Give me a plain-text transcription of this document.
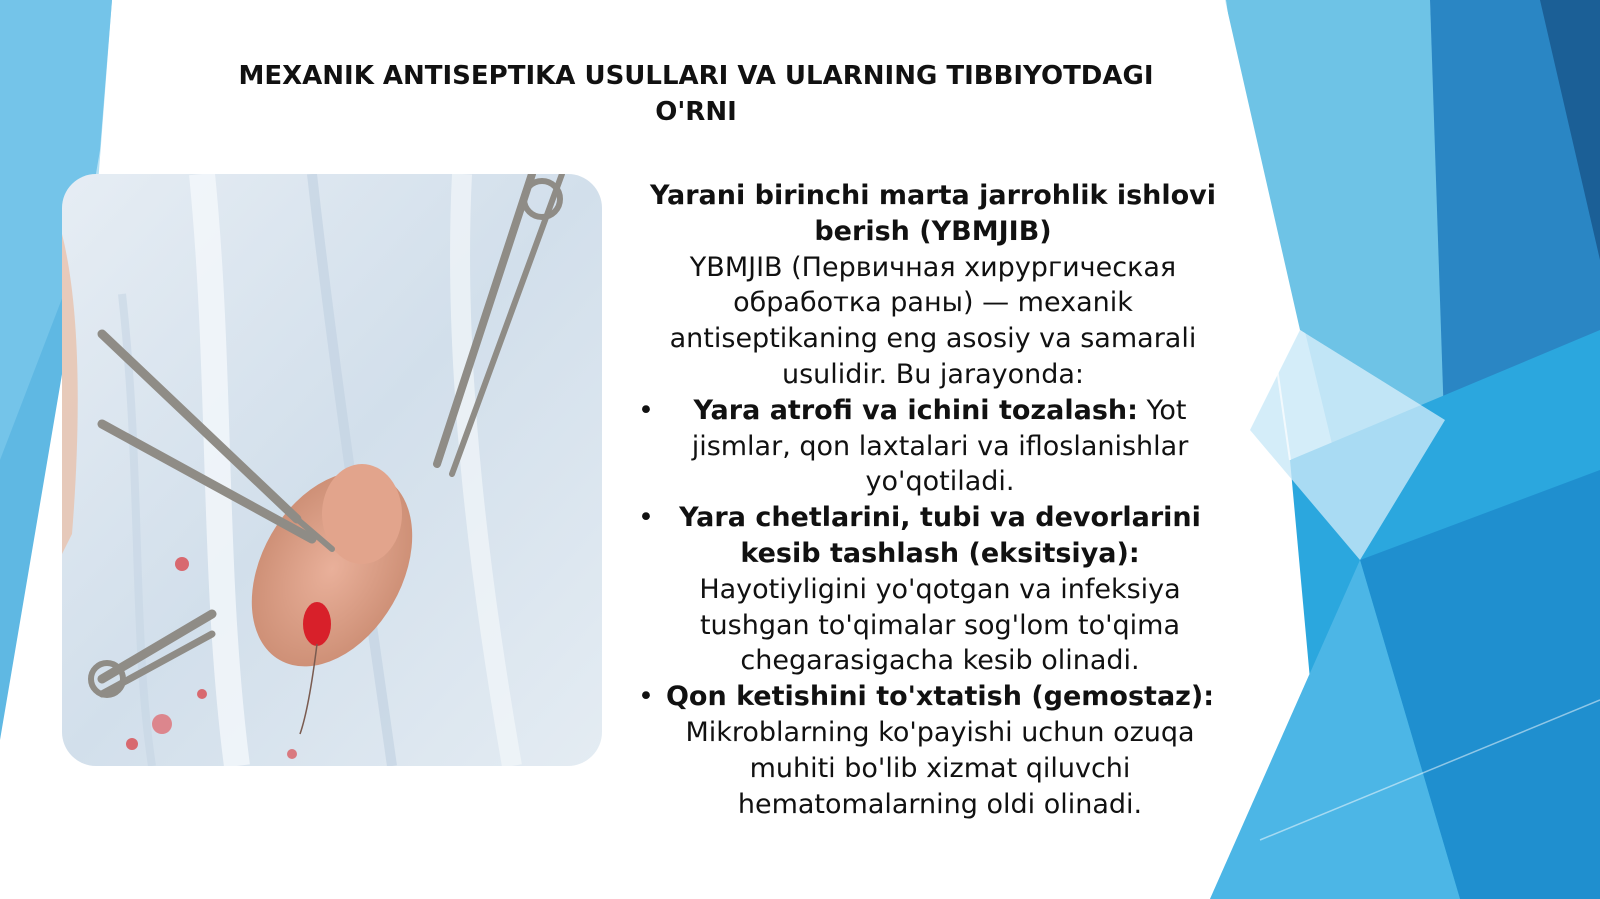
MEXANIK ANTISEPTIKA USULLARI VA ULARNING TIBBIYOTDAGI O'RNI
Yarani birinchi marta jarrohlik ishlovi berish (YBMJIB)
YBMJIB (Первичная хирургическая обработка раны) — mexanik antiseptikaning eng asosiy va samarali usulidir. Bu jarayonda:
• Yara atrofi va ichini tozalash: Yot jismlar, qon laxtalari va ifloslanishlar yo'qotiladi.
• Yara chetlarini, tubi va devorlarini kesib tashlash (eksitsiya): Hayotiyligini yo'qotgan va infeksiya tushgan to'qimalar sog'lom to'qima chegarasigacha kesib olinadi.
• Qon ketishini to'xtatish (gemostaz): Mikroblarning ko'payishi uchun ozuqa muhiti bo'lib xizmat qiluvchi hematomalarning oldi olinadi.
